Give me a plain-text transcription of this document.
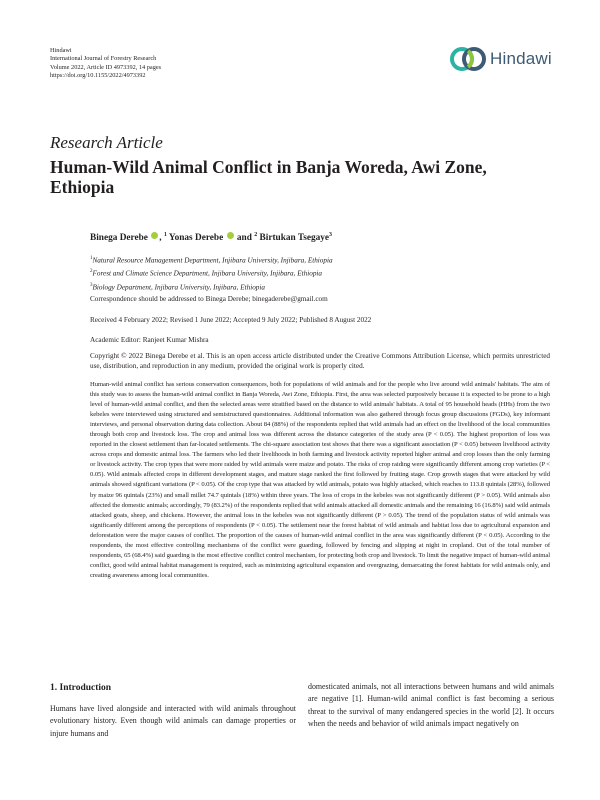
Hindawi
International Journal of Forestry Research
Volume 2022, Article ID 4973392, 14 pages
https://doi.org/10.1155/2022/4973392
Hindawi
Research Article
Human-Wild Animal Conflict in Banja Woreda, Awi Zone, Ethiopia
Binega Derebe , $^1$ Yonas Derebe  and $^2$ Birtukan Tsegaye$^3$
$^1$Natural Resource Management Department, Injibara University, Injibara, Ethiopia
$^2$Forest and Climate Science Department, Injibara University, Injibara, Ethiopia
$^3$Biology Department, Injibara University, Injibara, Ethiopia
Correspondence should be addressed to Binega Derebe; binegaderebe@gmail.com
Received 4 February 2022; Revised 1 June 2022; Accepted 9 July 2022; Published 8 August 2022
Academic Editor: Ranjeet Kumar Mishra
Copyright © 2022 Binega Derebe et al. This is an open access article distributed under the Creative Commons Attribution License, which permits unrestricted use, distribution, and reproduction in any medium, provided the original work is properly cited.
Human-wild animal conflict has serious conservation consequences, both for populations of wild animals and for the people who live around wild animals' habitats. The aim of this study was to assess the human-wild animal conflict in Banja Woreda, Awi Zone, Ethiopia. First, the area was selected purposively because it is expected to be prone to a high level of human-wild animal conflict, and then the selected areas were stratified based on the distance to wild animals' habitats. A total of 95 household heads (HHs) from the two kebeles were interviewed using structured and semistructured questionnaires. Additional information was also gathered through focus group discussions (FGDs), key informant interviews, and personal observation during data collection. About 84 (88%) of the respondents replied that wild animals had an effect on the livelihood of the local communities through both crop and livestock loss. The crop and animal loss was different across the distance categories of the study area (P < 0.05). The highest proportion of loss was reported in the closest settlement than far-located settlements. The chi-square association test shows that there was a significant association (P < 0.05) between livelihood activity across crops and domestic animal loss. The farmers who led their livelihoods in both farming and livestock activity reported higher animal and crop losses than the only farming or livestock activity. The crop types that were more raided by wild animals were maize and potato. The risks of crop raiding were significantly different among crop varieties (P < 0.05). Wild animals affected crops in different development stages, and mature stage ranked the first followed by fruiting stage. Crop growth stages that were attacked by wild animals showed significant variations (P < 0.05). Of the crop type that was attacked by wild animals, potato was highly attacked, which reaches to 113.8 quintals (28%), followed by maize 96 quintals (23%) and small millet 74.7 quintals (18%) within three years. The loss of crops in the kebeles was not significantly different (P > 0.05). Wild animals also affected the domestic animals; accordingly, 79 (83.2%) of the respondents replied that wild animals attacked all domestic animals and the remaining 16 (16.8%) said wild animals attacked goats, sheep, and chickens. However, the animal loss in the kebeles was not significantly different (P > 0.05). The trend of the population status of wild animals was significantly different among the perceptions of respondents (P < 0.05). The settlement near the forest habitat of wild animals and habitat loss due to agricultural expansion and deforestation were the major causes of conflict. The proportion of the causes of human-wild animal conflict in the area was significantly different (P < 0.05). According to the respondents, the most effective controlling mechanisms of the conflict were guarding, followed by fencing and slipping at night in cropland. Out of the total number of respondents, 65 (68.4%) said guarding is the most effective conflict control mechanism, for protecting both crop and livestock. To limit the negative impact of human-wild animal conflict, good wild animal habitat management is required, such as minimizing agricultural expansion and overgrazing, demarcating the forest habitats for wild animals only, and creating awareness among local communities.
1. Introduction
Humans have lived alongside and interacted with wild animals throughout evolutionary history. Even though wild animals can damage properties or injure humans and
domesticated animals, not all interactions between humans and wild animals are negative [1]. Human-wild animal conflict is fast becoming a serious threat to the survival of many endangered species in the world [2]. It occurs when the needs and behavior of wild animals impact negatively on
